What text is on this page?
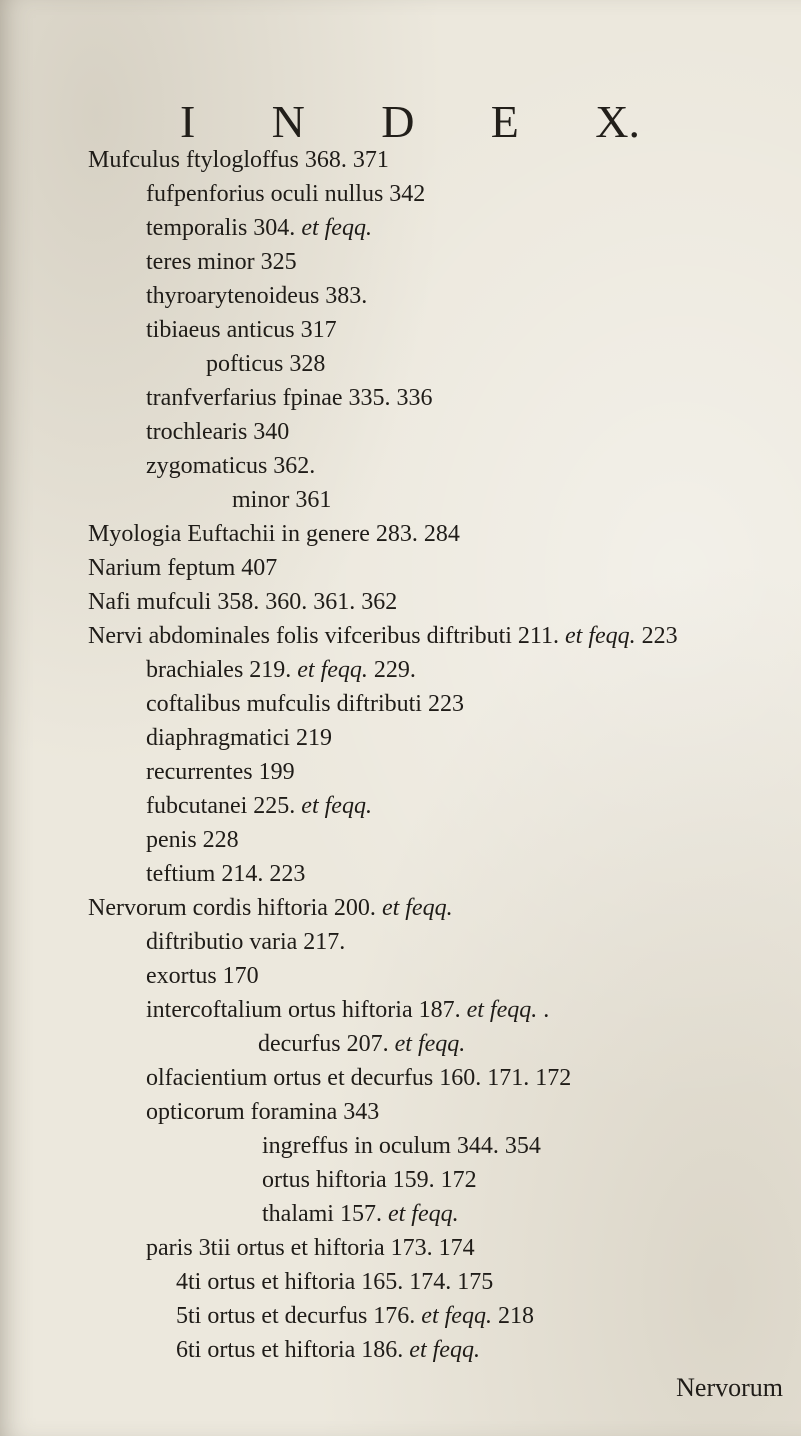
I N D E X.
Mufculus ftylogloffus 368. 371
fufpenforius oculi nullus 342
temporalis 304. et feqq.
teres minor 325
thyroarytenoideus 383.
tibiaeus anticus 317
pofticus 328
tranfverfarius fpinae 335. 336
trochlearis 340
zygomaticus 362.
minor 361
Myologia Euftachii in genere 283. 284
Narium feptum 407
Nafi mufculi 358. 360. 361. 362
Nervi abdominales folis vifceribus diftributi 211. et feqq. 223
brachiales 219. et feqq. 229.
coftalibus mufculis diftributi 223
diaphragmatici 219
recurrentes 199
fubcutanei 225. et feqq.
penis 228
teftium 214. 223
Nervorum cordis hiftoria 200. et feqq.
diftributio varia 217.
exortus 170
intercoftalium ortus hiftoria 187. et feqq. .
decurfus 207. et feqq.
olfacientium ortus et decurfus 160. 171. 172
opticorum foramina 343
ingreffus in oculum 344. 354
ortus hiftoria 159. 172
thalami 157. et feqq.
paris 3tii ortus et hiftoria 173. 174
4ti ortus et hiftoria 165. 174. 175
5ti ortus et decurfus 176. et feqq. 218
6ti ortus et hiftoria 186. et feqq.
Nervorum
